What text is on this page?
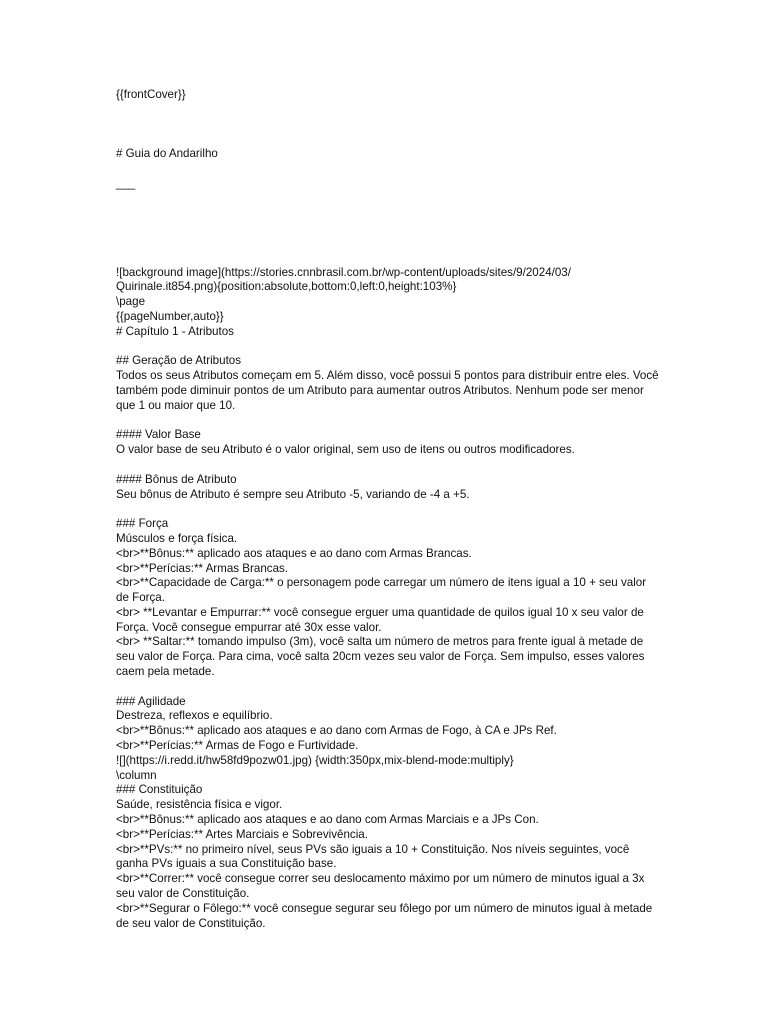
{{frontCover}}
# Guia do Andarilho
___
![background image](https://stories.cnnbrasil.com.br/wp-content/uploads/sites/9/2024/03/
Quirinale.it854.png){position:absolute,bottom:0,left:0,height:103%}
\page
{{pageNumber,auto}}
# Capítulo 1 - Atributos
## Geração de Atributos
Todos os seus Atributos começam em 5. Além disso, você possui 5 pontos para distribuir entre eles. Você também pode diminuir pontos de um Atributo para aumentar outros Atributos. Nenhum pode ser menor que 1 ou maior que 10.
#### Valor Base
O valor base de seu Atributo é o valor original, sem uso de itens ou outros modificadores.
#### Bônus de Atributo
Seu bônus de Atributo é sempre seu Atributo -5, variando de -4 a +5.
### Força
Músculos e força física.
<br>**Bônus:** aplicado aos ataques e ao dano com Armas Brancas.
<br>**Perícias:** Armas Brancas.
<br>**Capacidade de Carga:** o personagem pode carregar um número de itens igual a 10 + seu valor de Força.
<br> **Levantar e Empurrar:** você consegue erguer uma quantidade de quilos igual 10 x seu valor de Força. Você consegue empurrar até 30x esse valor.
<br> **Saltar:** tomando impulso (3m), você salta um número de metros para frente igual à metade de seu valor de Força. Para cima, você salta 20cm vezes seu valor de Força. Sem impulso, esses valores caem pela metade.
### Agilidade
Destreza, reflexos e equilíbrio.
<br>**Bônus:** aplicado aos ataques e ao dano com Armas de Fogo, à CA e JPs Ref.
<br>**Perícias:** Armas de Fogo e Furtividade.
![](https://i.redd.it/hw58fd9pozw01.jpg) {width:350px,mix-blend-mode:multiply}
\column
### Constituição
Saúde, resistência física e vigor.
<br>**Bônus:** aplicado aos ataques e ao dano com Armas Marciais e a JPs Con.
<br>**Perícias:** Artes Marciais e Sobrevivência.
<br>**PVs:** no primeiro nível, seus PVs são iguais a 10 + Constituição. Nos níveis seguintes, você ganha PVs iguais a sua Constituição base.
<br>**Correr:** você consegue correr seu deslocamento máximo por um número de minutos igual a 3x seu valor de Constituição.
<br>**Segurar o Fôlego:** você consegue segurar seu fôlego por um número de minutos igual à metade de seu valor de Constituição.
